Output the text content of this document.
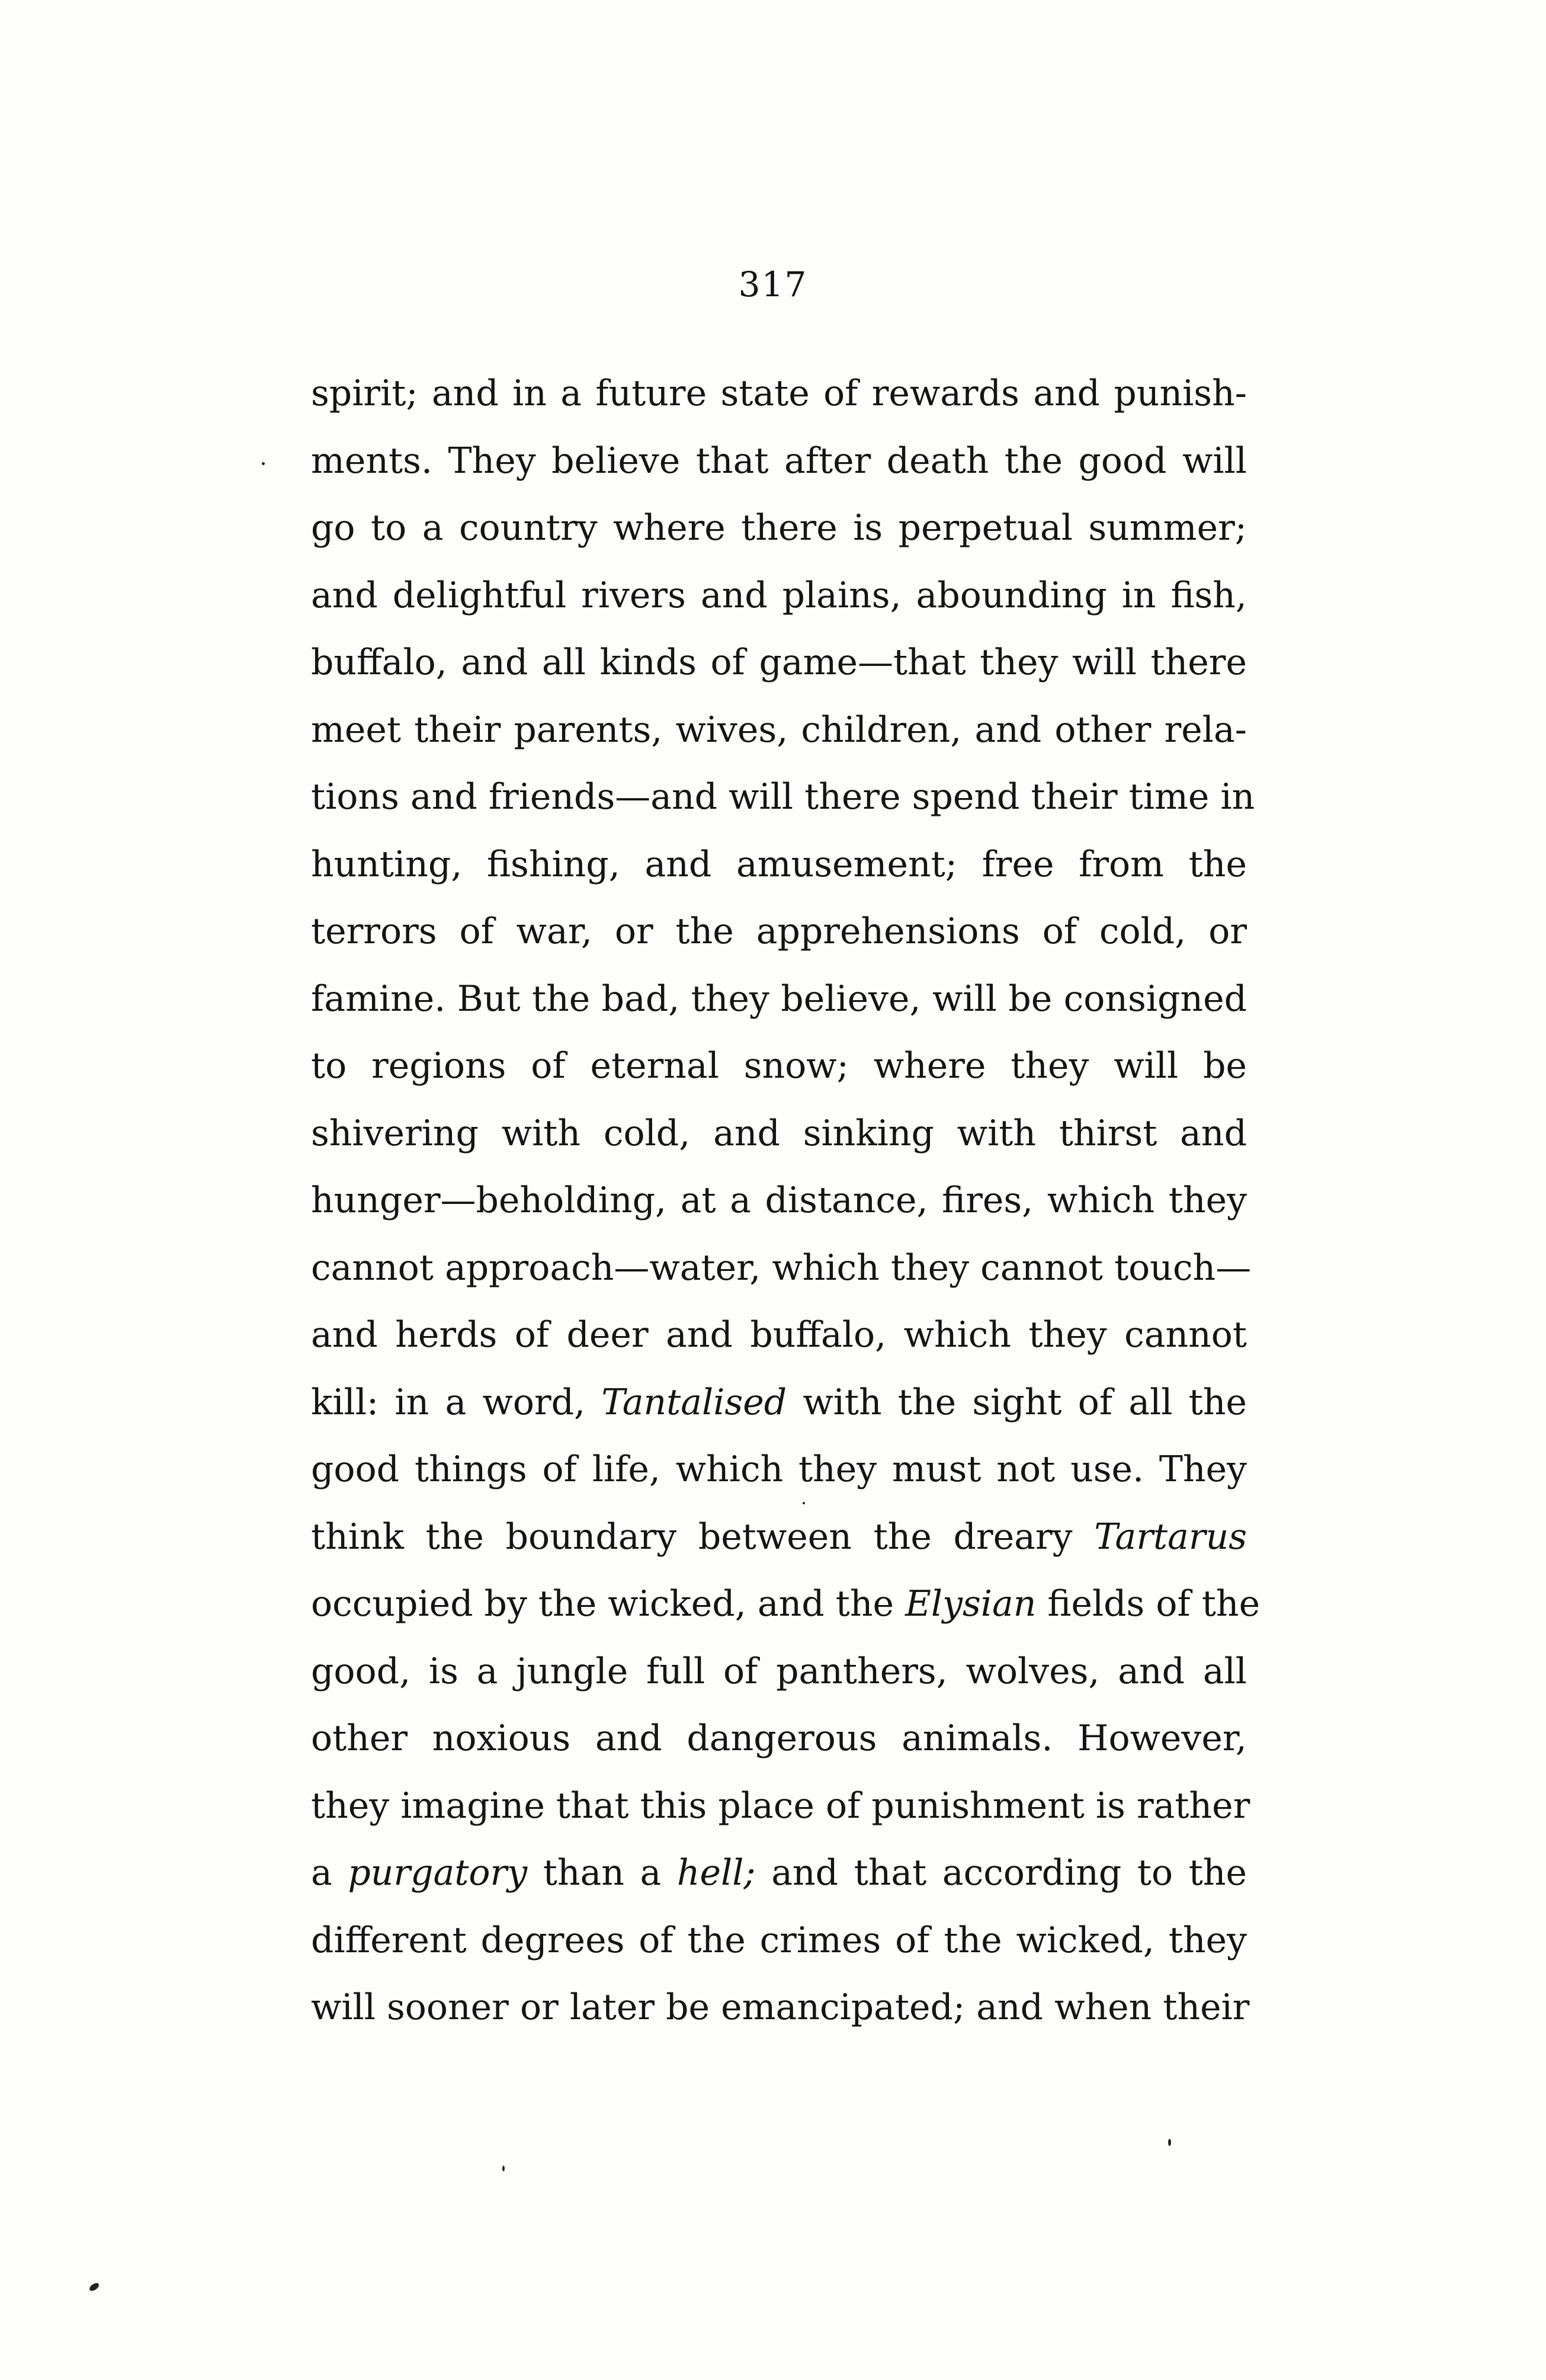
317
spirit; and in a future state of rewards and punish-
ments. They believe that after death the good will
go to a country where there is perpetual summer;
and delightful rivers and plains, abounding in fish,
buffalo, and all kinds of game—that they will there
meet their parents, wives, children, and other rela-
tions and friends—and will there spend their time in
hunting, fishing, and amusement; free from the
terrors of war, or the apprehensions of cold, or
famine. But the bad, they believe, will be consigned
to regions of eternal snow; where they will be
shivering with cold, and sinking with thirst and
hunger—beholding, at a distance, fires, which they
cannot approach—water, which they cannot touch—
and herds of deer and buffalo, which they cannot
kill: in a word, Tantalised with the sight of all the
good things of life, which they must not use. They
think the boundary between the dreary Tartarus
occupied by the wicked, and the Elysian fields of the
good, is a jungle full of panthers, wolves, and all
other noxious and dangerous animals. However,
they imagine that this place of punishment is rather
a purgatory than a hell; and that according to the
different degrees of the crimes of the wicked, they
will sooner or later be emancipated; and when their
